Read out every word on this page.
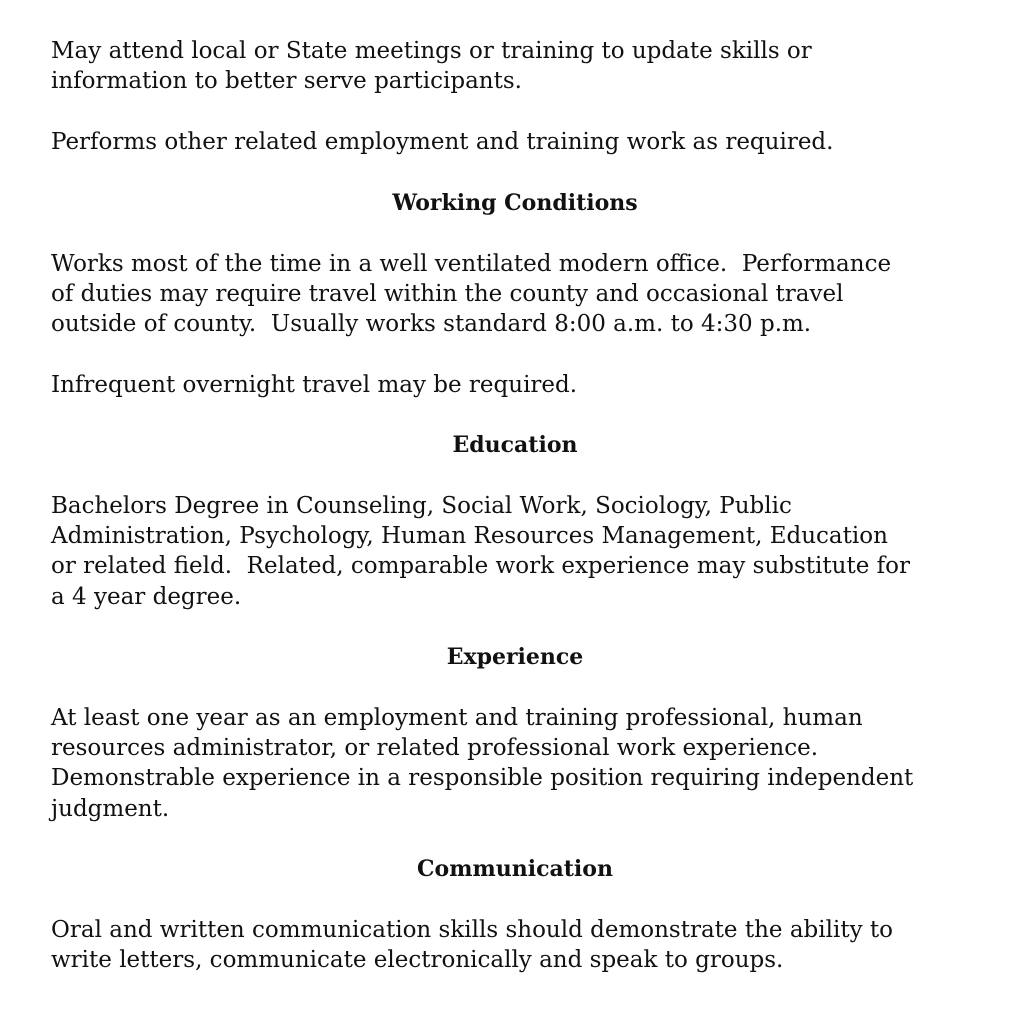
May attend local or State meetings or training to update skills or
information to better serve participants.
Performs other related employment and training work as required.
Working Conditions
Works most of the time in a well ventilated modern office.  Performance
of duties may require travel within the county and occasional travel
outside of county.  Usually works standard 8:00 a.m. to 4:30 p.m.
Infrequent overnight travel may be required.
Education
Bachelors Degree in Counseling, Social Work, Sociology, Public
Administration, Psychology, Human Resources Management, Education
or related field.  Related, comparable work experience may substitute for
a 4 year degree.
Experience
At least one year as an employment and training professional, human
resources administrator, or related professional work experience.
Demonstrable experience in a responsible position requiring independent
judgment.
Communication
Oral and written communication skills should demonstrate the ability to
write letters, communicate electronically and speak to groups.
